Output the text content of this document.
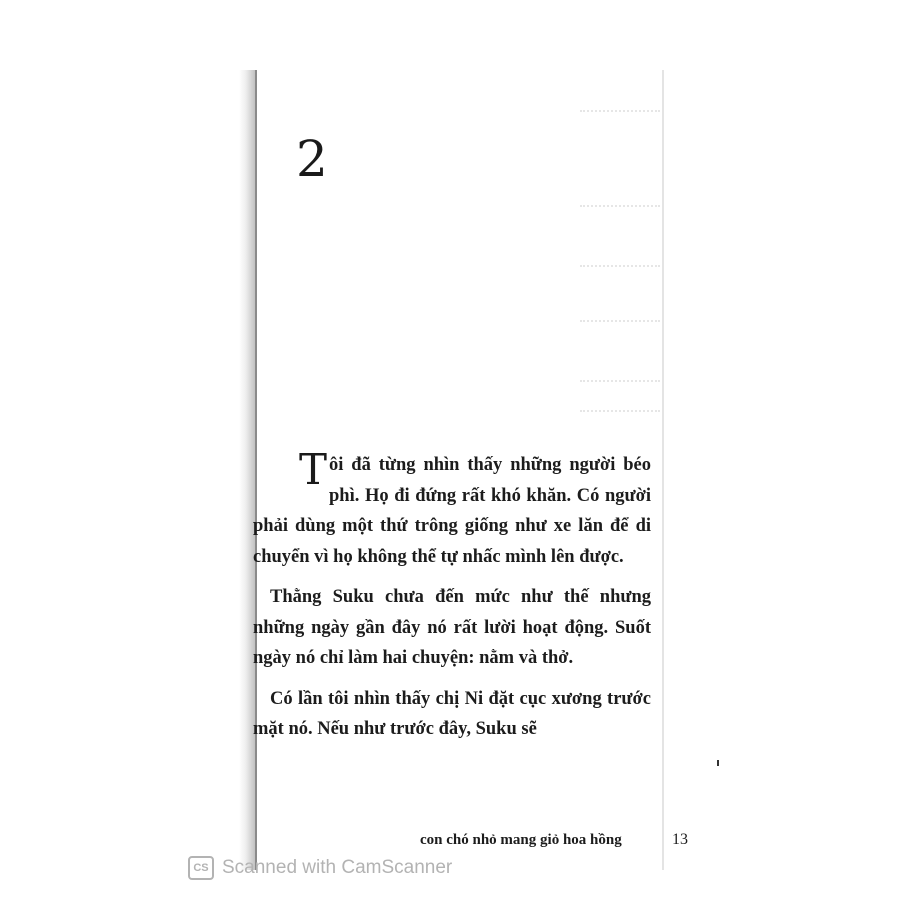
2

Tôi đã từng nhìn thấy những người béo phì. Họ đi đứng rất khó khăn. Có người phải dùng một thứ trông giống như xe lăn để di chuyển vì họ không thể tự nhấc mình lên được.

Thằng Suku chưa đến mức như thế nhưng những ngày gần đây nó rất lười hoạt động. Suốt ngày nó chỉ làm hai chuyện: nằm và thở.

Có lần tôi nhìn thấy chị Ni đặt cục xương trước mặt nó. Nếu như trước đây, Suku sẽ

con chó nhỏ mang giỏ hoa hồng	13
CS Scanned with CamScanner
